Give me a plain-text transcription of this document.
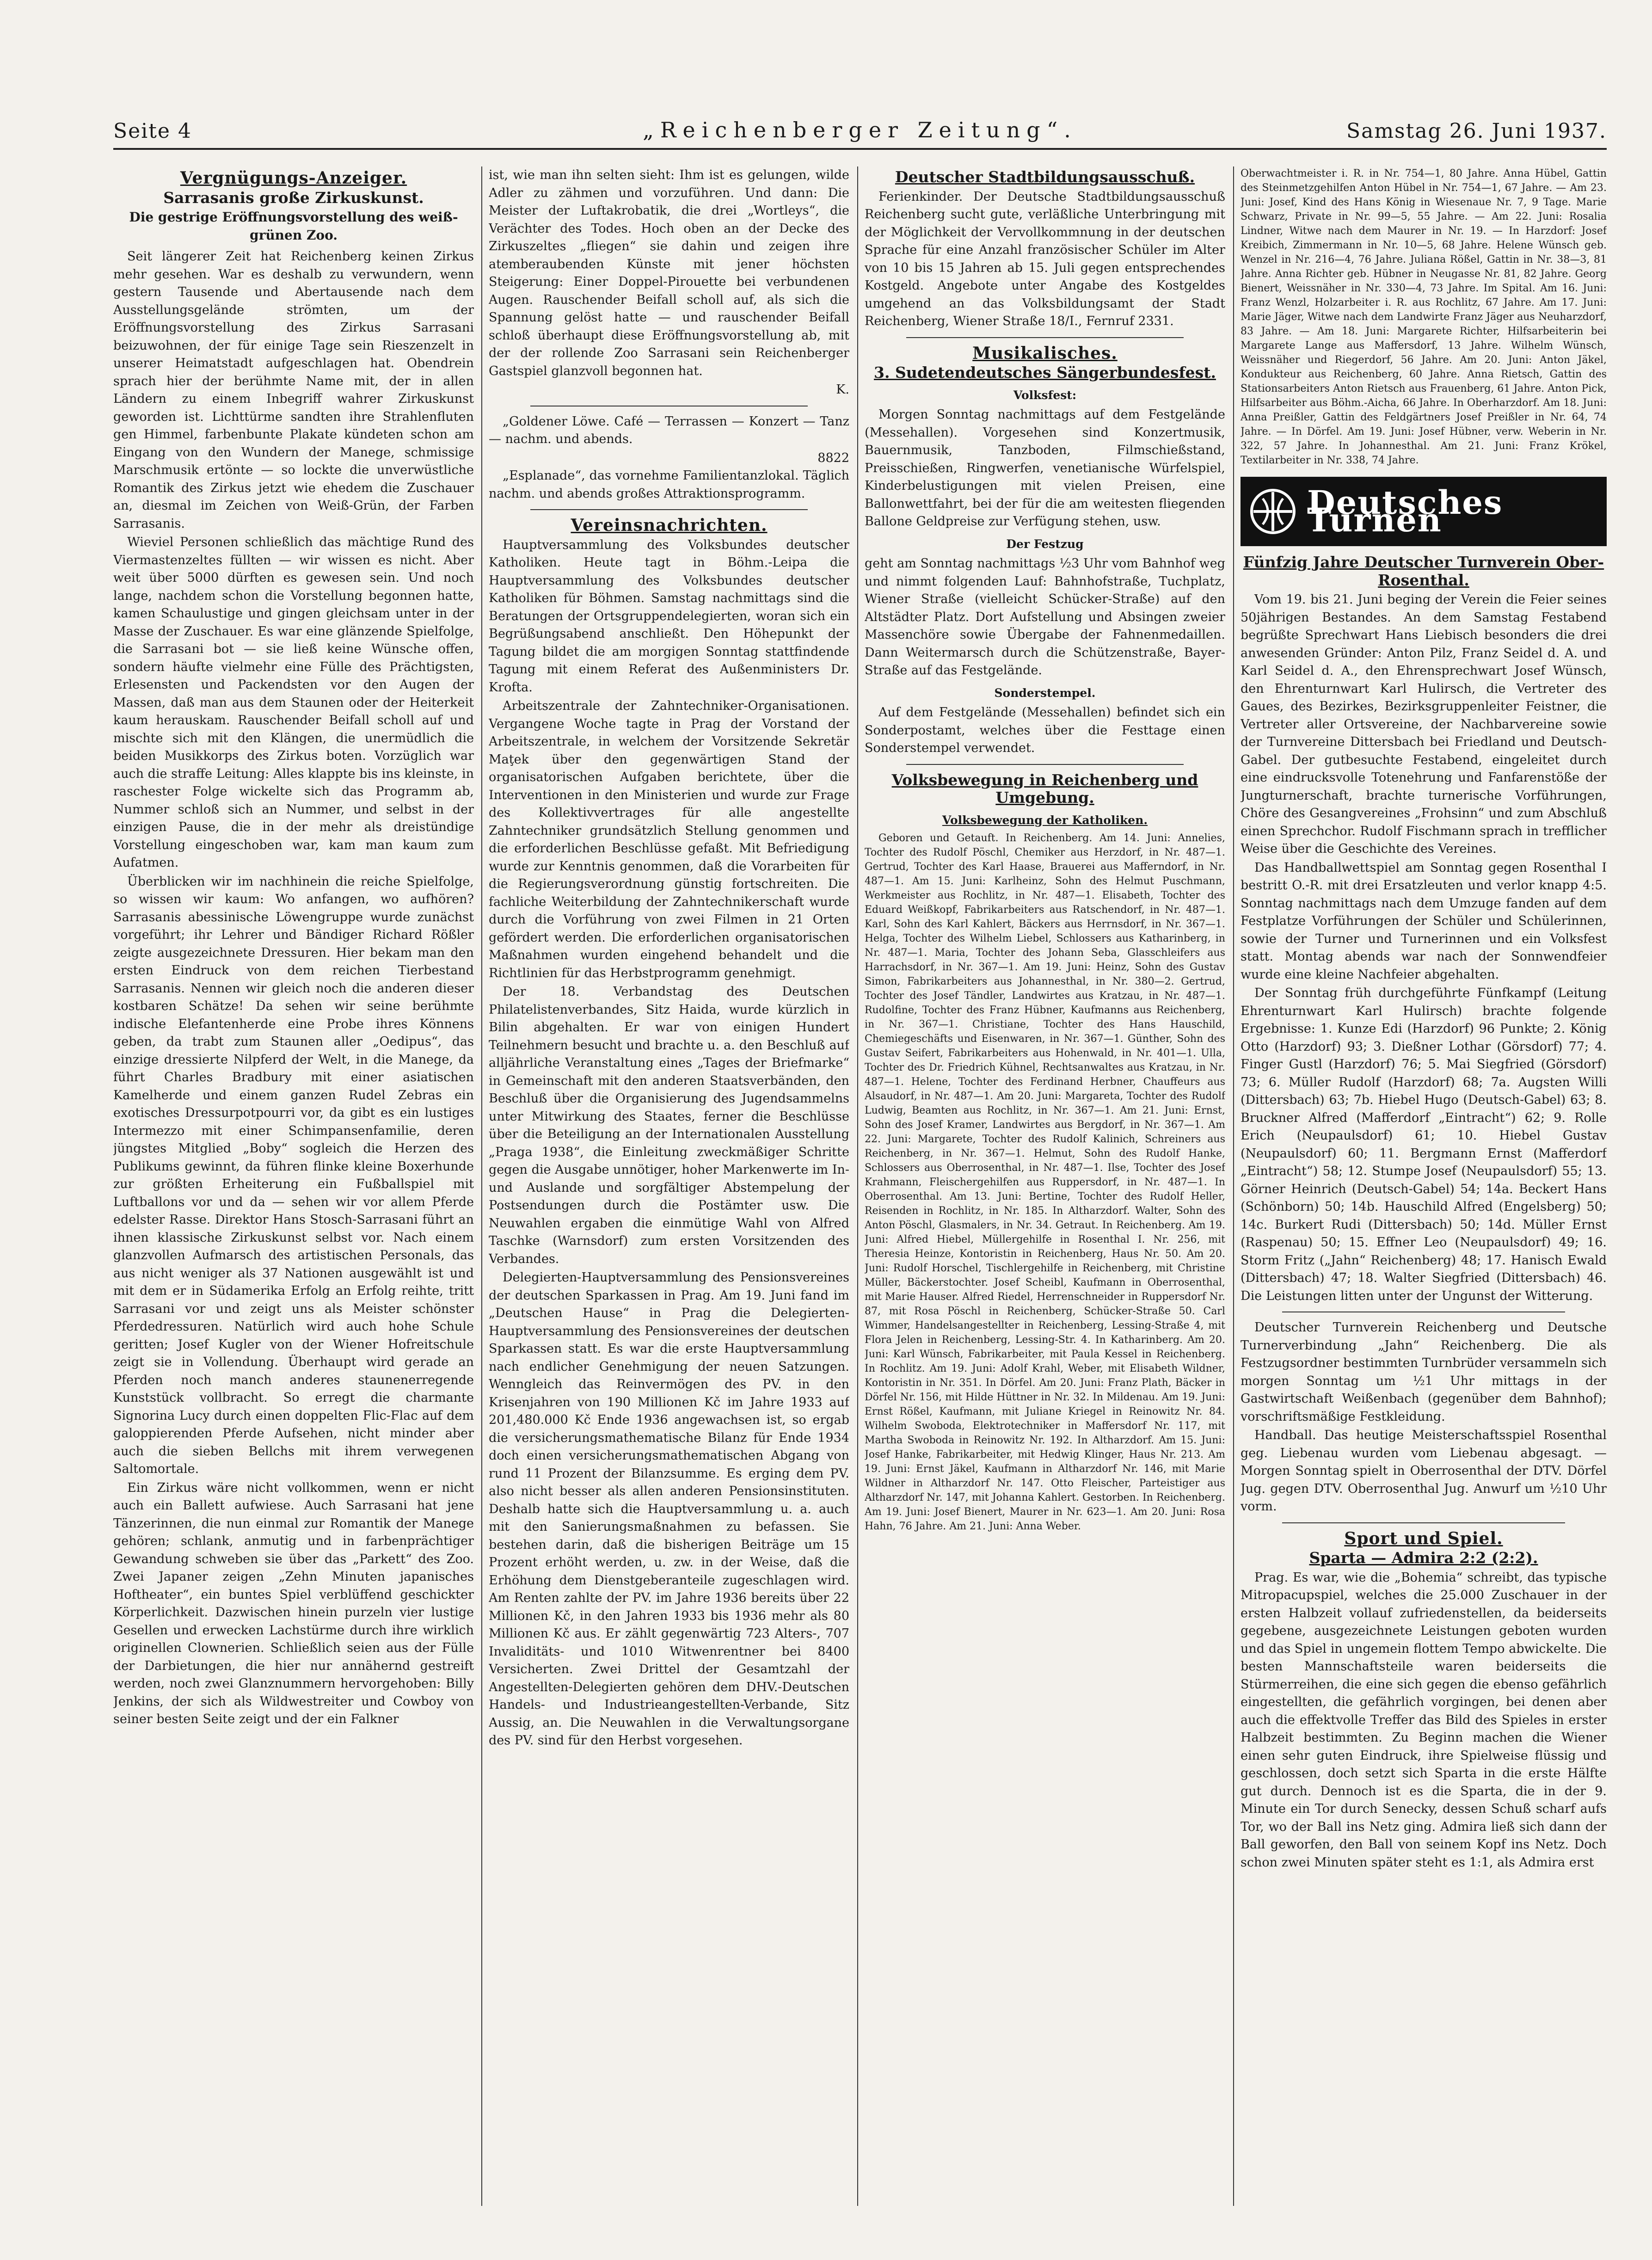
Seite 4	„Reichenberger Zeitung“.	Samstag 26. Juni 1937.
Vergnügungs-Anzeiger.
Sarrasanis große Zirkuskunst.
Die gestrige Eröffnungsvorstellung des weiß-grünen Zoo.

Seit längerer Zeit hat Reichenberg keinen Zirkus mehr gesehen. War es deshalb zu verwundern, wenn gestern Tausende und Abertausende nach dem Ausstellungsgelände strömten, um der Eröffnungsvorstellung des Zirkus Sarrasani beizuwohnen, der für einige Tage sein Rieszenzelt in unserer Heimatstadt aufgeschlagen hat. Obendrein sprach hier der berühmte Name mit, der in allen Ländern zu einem Inbegriff wahrer Zirkuskunst geworden ist. Lichttürme sandten ihre Strahlenfluten gen Himmel, farbenbunte Plakate kündeten schon am Eingang von den Wundern der Manege, schmissige Marschmusik ertönte — so lockte die unverwüstliche Romantik des Zirkus jetzt wie ehedem die Zuschauer an, diesmal im Zeichen von Weiß-Grün, der Farben Sarrasanis.

Wieviel Personen schließlich das mächtige Rund des Viermastenzeltes füllten — wir wissen es nicht. Aber weit über 5000 dürften es gewesen sein. Und noch lange, nachdem schon die Vorstellung begonnen hatte, kamen Schaulustige und gingen gleichsam unter in der Masse der Zuschauer. Es war eine glänzende Spielfolge, die Sarrasani bot — sie ließ keine Wünsche offen, sondern häufte vielmehr eine Fülle des Prächtigsten, Erlesensten und Packendsten vor den Augen der Massen, daß man aus dem Staunen oder der Heiterkeit kaum herauskam. Rauschender Beifall scholl auf und mischte sich mit den Klängen, die unermüdlich die beiden Musikkorps des Zirkus boten. Vorzüglich war auch die straffe Leitung: Alles klappte bis ins kleinste, in raschester Folge wickelte sich das Programm ab, Nummer schloß sich an Nummer, und selbst in der einzigen Pause, die in der mehr als dreistündige Vorstellung eingeschoben war, kam man kaum zum Aufatmen.

Überblicken wir im nachhinein die reiche Spielfolge, so wissen wir kaum: Wo anfangen, wo aufhören? Sarrasanis abessinische Löwengruppe wurde zunächst vorgeführt; ihr Lehrer und Bändiger Richard Rößler zeigte ausgezeichnete Dressuren. Hier bekam man den ersten Eindruck von dem reichen Tierbestand Sarrasanis. Nennen wir gleich noch die anderen dieser kostbaren Schätze! Da sehen wir seine berühmte indische Elefantenherde eine Probe ihres Könnens geben, da trabt zum Staunen aller „Oedipus“, das einzige dressierte Nilpferd der Welt, in die Manege, da führt Charles Bradbury mit einer asiatischen Kamelherde und einem ganzen Rudel Zebras ein exotisches Dressurpotpourri vor, da gibt es ein lustiges Intermezzo mit einer Schimpansenfamilie, deren jüngstes Mitglied „Boby“ sogleich die Herzen des Publikums gewinnt, da führen flinke kleine Boxerhunde zur größten Erheiterung ein Fußballspiel mit Luftballons vor und da — sehen wir vor allem Pferde edelster Rasse. Direktor Hans Stosch-Sarrasani führt an ihnen klassische Zirkuskunst selbst vor. Nach einem glanzvollen Aufmarsch des artistischen Personals, das aus nicht weniger als 37 Nationen ausgewählt ist und mit dem er in Südamerika Erfolg an Erfolg reihte, tritt Sarrasani vor und zeigt uns als Meister schönster Pferdedressuren. Natürlich wird auch hohe Schule geritten; Josef Kugler von der Wiener Hofreitschule zeigt sie in Vollendung. Überhaupt wird gerade an Pferden noch manch anderes staunenerregende Kunststück vollbracht. So erregt die charmante Signorina Lucy durch einen doppelten Flic-Flac auf dem galoppierenden Pferde Aufsehen, nicht minder aber auch die sieben Bellchs mit ihrem verwegenen Saltomortale.

Ein Zirkus wäre nicht vollkommen, wenn er nicht auch ein Ballett aufwiese. Auch Sarrasani hat jene Tänzerinnen, die nun einmal zur Romantik der Manege gehören; schlank, anmutig und in farbenprächtiger Gewandung schweben sie über das „Parkett“ des Zoo. Zwei Japaner zeigen „Zehn Minuten japanisches Hoftheater“, ein buntes Spiel verblüffend geschickter Körperlichkeit. Dazwischen hinein purzeln vier lustige Gesellen und erwecken Lachstürme durch ihre wirklich originellen Clownerien. Schließlich seien aus der Fülle der Darbietungen, die hier nur annähernd gestreift werden, noch zwei Glanznummern hervorgehoben: Billy Jenkins, der sich als Wildwestreiter und Cowboy von seiner besten Seite zeigt und der ein Falkner

ist, wie man ihn selten sieht: Ihm ist es gelungen, wilde Adler zu zähmen und vorzuführen. Und dann: Die Meister der Luftakrobatik, die drei „Wortleys“, die Verächter des Todes. Hoch oben an der Decke des Zirkuszeltes „fliegen“ sie dahin und zeigen ihre atemberaubenden Künste mit jener höchsten Steigerung: Einer Doppel-Pirouette bei verbundenen Augen. Rauschender Beifall scholl auf, als sich die Spannung gelöst hatte — und rauschender Beifall schloß überhaupt diese Eröffnungsvorstellung ab, mit der der rollende Zoo Sarrasani sein Reichenberger Gastspiel glanzvoll begonnen hat.

K.

„Goldener Löwe. Café — Terrassen — Konzert — Tanz — nachm. und abends.

8822

„Esplanade“, das vornehme Familientanzlokal. Täglich nachm. und abends großes Attraktionsprogramm.

Vereinsnachrichten.

Hauptversammlung des Volksbundes deutscher Katholiken. Heute tagt in Böhm.-Leipa die Hauptversammlung des Volksbundes deutscher Katholiken für Böhmen. Samstag nachmittags sind die Beratungen der Ortsgruppendelegierten, woran sich ein Begrüßungsabend anschließt. Den Höhepunkt der Tagung bildet die am morgigen Sonntag stattfindende Tagung mit einem Referat des Außenministers Dr. Krofta.

Arbeitszentrale der Zahntechniker-Organisationen. Vergangene Woche tagte in Prag der Vorstand der Arbeitszentrale, in welchem der Vorsitzende Sekretär Maţek über den gegenwärtigen Stand der organisatorischen Aufgaben berichtete, über die Interventionen in den Ministerien und wurde zur Frage des Kollektivvertrages für alle angestellte Zahntechniker grundsätzlich Stellung genommen und die erforderlichen Beschlüsse gefaßt. Mit Befriedigung wurde zur Kenntnis genommen, daß die Vorarbeiten für die Regierungsverordnung günstig fortschreiten. Die fachliche Weiterbildung der Zahntechnikerschaft wurde durch die Vorführung von zwei Filmen in 21 Orten gefördert werden. Die erforderlichen organisatorischen Maßnahmen wurden eingehend behandelt und die Richtlinien für das Herbstprogramm genehmigt.

Der 18. Verbandstag des Deutschen Philatelistenverbandes, Sitz Haida, wurde kürzlich in Bilin abgehalten. Er war von einigen Hundert Teilnehmern besucht und brachte u. a. den Beschluß auf alljährliche Veranstaltung eines „Tages der Briefmarke“ in Gemeinschaft mit den anderen Staatsverbänden, den Beschluß über die Organisierung des Jugendsammelns unter Mitwirkung des Staates, ferner die Beschlüsse über die Beteiligung an der Internationalen Ausstellung „Praga 1938“, die Einleitung zweckmäßiger Schritte gegen die Ausgabe unnötiger, hoher Markenwerte im In- und Auslande und sorgfältiger Abstempelung der Postsendungen durch die Postämter usw. Die Neuwahlen ergaben die einmütige Wahl von Alfred Taschke (Warnsdorf) zum ersten Vorsitzenden des Verbandes.

Delegierten-Hauptversammlung des Pensionsvereines der deutschen Sparkassen in Prag. Am 19. Juni fand im „Deutschen Hause“ in Prag die Delegierten-Hauptversammlung des Pensionsvereines der deutschen Sparkassen statt. Es war die erste Hauptversammlung nach endlicher Genehmigung der neuen Satzungen. Wenngleich das Reinvermögen des PV. in den Krisenjahren von 190 Millionen Kč im Jahre 1933 auf 201,480.000 Kč Ende 1936 angewachsen ist, so ergab die versicherungsmathematische Bilanz für Ende 1934 doch einen versicherungsmathematischen Abgang von rund 11 Prozent der Bilanzsumme. Es erging dem PV. also nicht besser als allen anderen Pensionsinstituten. Deshalb hatte sich die Hauptversammlung u. a. auch mit den Sanierungsmaßnahmen zu befassen. Sie bestehen darin, daß die bisherigen Beiträge um 15 Prozent erhöht werden, u. zw. in der Weise, daß die Erhöhung dem Dienstgeberanteile zugeschlagen wird. Am Renten zahlte der PV. im Jahre 1936 bereits über 22 Millionen Kč, in den Jahren 1933 bis 1936 mehr als 80 Millionen Kč aus. Er zählt gegenwärtig 723 Alters-, 707 Invaliditäts- und 1010 Witwenrentner bei 8400 Versicherten. Zwei Drittel der Gesamtzahl der Angestellten-Delegierten gehören dem DHV.-Deutschen Handels- und Industrieangestellten-Verbande, Sitz Aussig, an. Die Neuwahlen in die Verwaltungsorgane des PV. sind für den Herbst vorgesehen.

Deutscher Stadtbildungsausschuß.

Ferienkinder. Der Deutsche Stadtbildungsausschuß Reichenberg sucht gute, verläßliche Unterbringung mit der Möglichkeit der Vervollkommnung in der deutschen Sprache für eine Anzahl französischer Schüler im Alter von 10 bis 15 Jahren ab 15. Juli gegen entsprechendes Kostgeld. Angebote unter Angabe des Kostgeldes umgehend an das Volksbildungsamt der Stadt Reichenberg, Wiener Straße 18/I., Fernruf 2331.

Musikalisches.
3. Sudetendeutsches Sängerbundesfest.
Volksfest:

Morgen Sonntag nachmittags auf dem Festgelände (Messehallen). Vorgesehen sind Konzertmusik, Bauernmusik, Tanzboden, Filmschießstand, Preisschießen, Ringwerfen, venetianische Würfelspiel, Kinderbelustigungen mit vielen Preisen, eine Ballonwettfahrt, bei der für die am weitesten fliegenden Ballone Geldpreise zur Verfügung stehen, usw.

Der Festzug

geht am Sonntag nachmittags ½3 Uhr vom Bahnhof weg und nimmt folgenden Lauf: Bahnhofstraße, Tuchplatz, Wiener Straße (vielleicht Schücker-Straße) auf den Altstädter Platz. Dort Aufstellung und Absingen zweier Massenchöre sowie Übergabe der Fahnenmedaillen. Dann Weitermarsch durch die Schützenstraße, Bayer-Straße auf das Festgelände.

Sonderstempel.

Auf dem Festgelände (Messehallen) befindet sich ein Sonderpostamt, welches über die Festtage einen Sonderstempel verwendet.

Volksbewegung in Reichenberg und Umgebung.
Volksbewegung der Katholiken.

Geboren und Getauft. In Reichenberg. Am 14. Juni: Annelies, Tochter des Rudolf Pöschl, Chemiker aus Herzdorf, in Nr. 487—1. Gertrud, Tochter des Karl Haase, Brauerei aus Mafferndorf, in Nr. 487—1. Am 15. Juni: Karlheinz, Sohn des Helmut Puschmann, Werkmeister aus Rochlitz, in Nr. 487—1. Elisabeth, Tochter des Eduard Weißkopf, Fabrikarbeiters aus Ratschendorf, in Nr. 487—1. Karl, Sohn des Karl Kahlert, Bäckers aus Herrnsdorf, in Nr. 367—1. Helga, Tochter des Wilhelm Liebel, Schlossers aus Katharinberg, in Nr. 487—1. Maria, Tochter des Johann Seba, Glasschleifers aus Harrachsdorf, in Nr. 367—1. Am 19. Juni: Heinz, Sohn des Gustav Simon, Fabrikarbeiters aus Johannesthal, in Nr. 380—2. Gertrud, Tochter des Josef Tändler, Landwirtes aus Kratzau, in Nr. 487—1. Rudolfine, Tochter des Franz Hübner, Kaufmanns aus Reichenberg, in Nr. 367—1. Christiane, Tochter des Hans Hauschild, Chemiegeschäfts und Eisenwaren, in Nr. 367—1. Günther, Sohn des Gustav Seifert, Fabrikarbeiters aus Hohenwald, in Nr. 401—1. Ulla, Tochter des Dr. Friedrich Kühnel, Rechtsanwaltes aus Kratzau, in Nr. 487—1. Helene, Tochter des Ferdinand Herbner, Chauffeurs aus Alsaudorf, in Nr. 487—1. Am 20. Juni: Margareta, Tochter des Rudolf Ludwig, Beamten aus Rochlitz, in Nr. 367—1. Am 21. Juni: Ernst, Sohn des Josef Kramer, Landwirtes aus Bergdorf, in Nr. 367—1. Am 22. Juni: Margarete, Tochter des Rudolf Kalinich, Schreiners aus Reichenberg, in Nr. 367—1. Helmut, Sohn des Rudolf Hanke, Schlossers aus Oberrosenthal, in Nr. 487—1. Ilse, Tochter des Josef Krahmann, Fleischergehilfen aus Ruppersdorf, in Nr. 487—1. In Oberrosenthal. Am 13. Juni: Bertine, Tochter des Rudolf Heller, Reisenden in Rochlitz, in Nr. 185. In Altharzdorf. Walter, Sohn des Anton Pöschl, Glasmalers, in Nr. 34. Getraut. In Reichenberg. Am 19. Juni: Alfred Hiebel, Müllergehilfe in Rosenthal I. Nr. 256, mit Theresia Heinze, Kontoristin in Reichenberg, Haus Nr. 50. Am 20. Juni: Rudolf Horschel, Tischlergehilfe in Reichenberg, mit Christine Müller, Bäckerstochter. Josef Scheibl, Kaufmann in Oberrosenthal, mit Marie Hauser. Alfred Riedel, Herrenschneider in Ruppersdorf Nr. 87, mit Rosa Pöschl in Reichenberg, Schücker-Straße 50. Carl Wimmer, Handelsangestellter in Reichenberg, Lessing-Straße 4, mit Flora Jelen in Reichenberg, Lessing-Str. 4. In Katharinberg. Am 20. Juni: Karl Wünsch, Fabrikarbeiter, mit Paula Kessel in Reichenberg. In Rochlitz. Am 19. Juni: Adolf Krahl, Weber, mit Elisabeth Wildner, Kontoristin in Nr. 351. In Dörfel. Am 20. Juni: Franz Plath, Bäcker in Dörfel Nr. 156, mit Hilde Hüttner in Nr. 32. In Mildenau. Am 19. Juni: Ernst Rößel, Kaufmann, mit Juliane Kriegel in Reinowitz Nr. 84. Wilhelm Swoboda, Elektrotechniker in Maffersdorf Nr. 117, mit Martha Swoboda in Reinowitz Nr. 192. In Altharzdorf. Am 15. Juni: Josef Hanke, Fabrikarbeiter, mit Hedwig Klinger, Haus Nr. 213. Am 19. Juni: Ernst Jäkel, Kaufmann in Altharzdorf Nr. 146, mit Marie Wildner in Altharzdorf Nr. 147. Otto Fleischer, Parteistiger aus Altharzdorf Nr. 147, mit Johanna Kahlert. Gestorben. In Reichenberg. Am 19. Juni: Josef Bienert, Maurer in Nr. 623—1. Am 20. Juni: Rosa Hahn, 76 Jahre. Am 21. Juni: Anna Weber.

Oberwachtmeister i. R. in Nr. 754—1, 80 Jahre. Anna Hübel, Gattin des Steinmetzgehilfen Anton Hübel in Nr. 754—1, 67 Jahre. — Am 23. Juni: Josef, Kind des Hans König in Wiesenaue Nr. 7, 9 Tage. Marie Schwarz, Private in Nr. 99—5, 55 Jahre. — Am 22. Juni: Rosalia Lindner, Witwe nach dem Maurer in Nr. 19. — In Harzdorf: Josef Kreibich, Zimmermann in Nr. 10—5, 68 Jahre. Helene Wünsch geb. Wenzel in Nr. 216—4, 76 Jahre. Juliana Rößel, Gattin in Nr. 38—3, 81 Jahre. Anna Richter geb. Hübner in Neugasse Nr. 81, 82 Jahre. Georg Bienert, Weissnäher in Nr. 330—4, 73 Jahre. Im Spital. Am 16. Juni: Franz Wenzl, Holzarbeiter i. R. aus Rochlitz, 67 Jahre. Am 17. Juni: Marie Jäger, Witwe nach dem Landwirte Franz Jäger aus Neuharzdorf, 83 Jahre. — Am 18. Juni: Margarete Richter, Hilfsarbeiterin bei Margarete Lange aus Maffersdorf, 13 Jahre. Wilhelm Wünsch, Weissnäher und Riegerdorf, 56 Jahre. Am 20. Juni: Anton Jäkel, Kondukteur aus Reichenberg, 60 Jahre. Anna Rietsch, Gattin des Stationsarbeiters Anton Rietsch aus Frauenberg, 61 Jahre. Anton Pick, Hilfsarbeiter aus Böhm.-Aicha, 66 Jahre. In Oberharzdorf. Am 18. Juni: Anna Preißler, Gattin des Feldgärtners Josef Preißler in Nr. 64, 74 Jahre. — In Dörfel. Am 19. Juni: Josef Hübner, verw. Weberin in Nr. 322, 57 Jahre. In Johannesthal. Am 21. Juni: Franz Krökel, Textilarbeiter in Nr. 338, 74 Jahre.

Deutsches Turnen
Fünfzig Jahre Deutscher Turnverein Ober-Rosenthal.

Vom 19. bis 21. Juni beging der Verein die Feier seines 50jährigen Bestandes. An dem Samstag Festabend begrüßte Sprechwart Hans Liebisch besonders die drei anwesenden Gründer: Anton Pilz, Franz Seidel d. A. und Karl Seidel d. A., den Ehrensprechwart Josef Wünsch, den Ehrenturnwart Karl Hulirsch, die Vertreter des Gaues, des Bezirkes, Bezirksgruppenleiter Feistner, die Vertreter aller Ortsvereine, der Nachbarvereine sowie der Turnvereine Dittersbach bei Friedland und Deutsch-Gabel. Der gutbesuchte Festabend, eingeleitet durch eine eindrucksvolle Totenehrung und Fanfarenstöße der Jungturnerschaft, brachte turnerische Vorführungen, Chöre des Gesangvereines „Frohsinn“ und zum Abschluß einen Sprechchor. Rudolf Fischmann sprach in trefflicher Weise über die Geschichte des Vereines.

Das Handballwettspiel am Sonntag gegen Rosenthal I bestritt O.-R. mit drei Ersatzleuten und verlor knapp 4:5. Sonntag nachmittags nach dem Umzuge fanden auf dem Festplatze Vorführungen der Schüler und Schülerinnen, sowie der Turner und Turnerinnen und ein Volksfest statt. Montag abends war nach der Sonnwendfeier wurde eine kleine Nachfeier abgehalten.

Der Sonntag früh durchgeführte Fünfkampf (Leitung Ehrenturnwart Karl Hulirsch) brachte folgende Ergebnisse: 1. Kunze Edi (Harzdorf) 96 Punkte; 2. König Otto (Harzdorf) 93; 3. Dießner Lothar (Görsdorf) 77; 4. Finger Gustl (Harzdorf) 76; 5. Mai Siegfried (Görsdorf) 73; 6. Müller Rudolf (Harzdorf) 68; 7a. Augsten Willi (Dittersbach) 63; 7b. Hiebel Hugo (Deutsch-Gabel) 63; 8. Bruckner Alfred (Mafferdorf „Eintracht“) 62; 9. Rolle Erich (Neupaulsdorf) 61; 10. Hiebel Gustav (Neupaulsdorf) 60; 11. Bergmann Ernst (Mafferdorf „Eintracht“) 58; 12. Stumpe Josef (Neupaulsdorf) 55; 13. Görner Heinrich (Deutsch-Gabel) 54; 14a. Beckert Hans (Schönborn) 50; 14b. Hauschild Alfred (Engelsberg) 50; 14c. Burkert Rudi (Dittersbach) 50; 14d. Müller Ernst (Raspenau) 50; 15. Effner Leo (Neupaulsdorf) 49; 16. Storm Fritz („Jahn“ Reichenberg) 48; 17. Hanisch Ewald (Dittersbach) 47; 18. Walter Siegfried (Dittersbach) 46. Die Leistungen litten unter der Ungunst der Witterung.

Deutscher Turnverein Reichenberg und Deutsche Turnerverbindung „Jahn“ Reichenberg. Die als Festzugsordner bestimmten Turnbrüder versammeln sich morgen Sonntag um ½1 Uhr mittags in der Gastwirtschaft Weißenbach (gegenüber dem Bahnhof); vorschriftsmäßige Festkleidung.

Handball. Das heutige Meisterschaftsspiel Rosenthal geg. Liebenau wurden vom Liebenau abgesagt. — Morgen Sonntag spielt in Oberrosenthal der DTV. Dörfel Jug. gegen DTV. Oberrosenthal Jug. Anwurf um ½10 Uhr vorm.

Sport und Spiel.
Sparta — Admira 2:2 (2:2).

Prag. Es war, wie die „Bohemia“ schreibt, das typische Mitropacupspiel, welches die 25.000 Zuschauer in der ersten Halbzeit vollauf zufriedenstellen, da beiderseits gegebene, ausgezeichnete Leistungen geboten wurden und das Spiel in ungemein flottem Tempo abwickelte. Die besten Mannschaftsteile waren beiderseits die Stürmerreihen, die eine sich gegen die ebenso gefährlich eingestellten, die gefährlich vorgingen, bei denen aber auch die effektvolle Treffer das Bild des Spieles in erster Halbzeit bestimmten. Zu Beginn machen die Wiener einen sehr guten Eindruck, ihre Spielweise flüssig und geschlossen, doch setzt sich Sparta in die erste Hälfte gut durch. Dennoch ist es die Sparta, die in der 9. Minute ein Tor durch Senecky, dessen Schuß scharf aufs Tor, wo der Ball ins Netz ging. Admira ließ sich dann der Ball geworfen, den Ball von seinem Kopf ins Netz. Doch schon zwei Minuten später steht es 1:1, als Admira erst
